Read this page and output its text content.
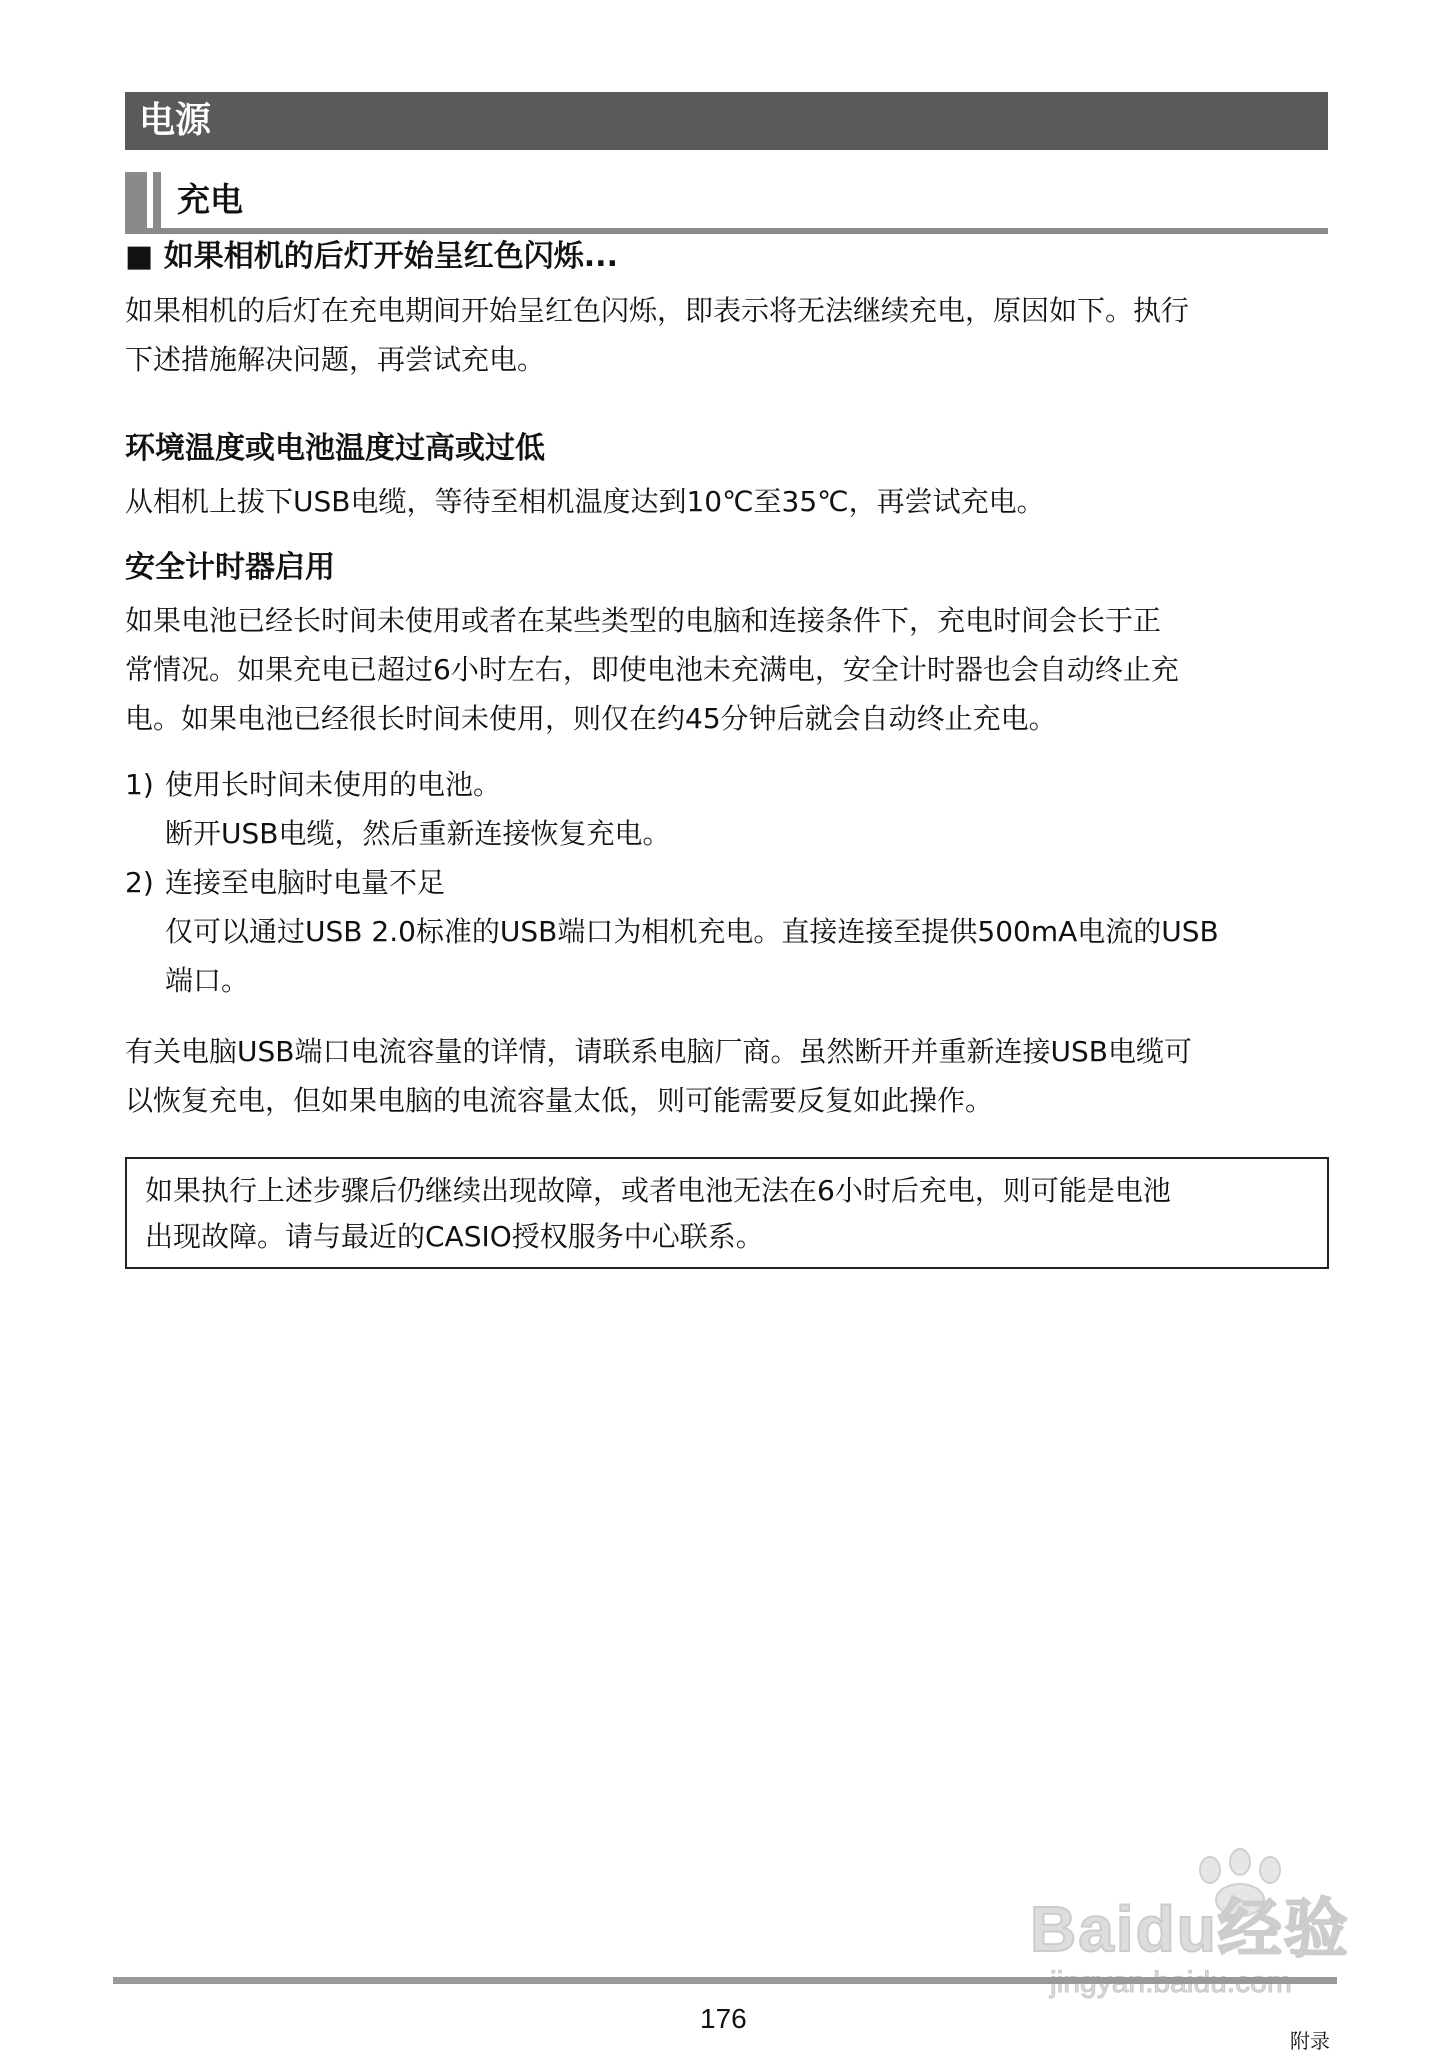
电源
充电
■ 如果相机的后灯开始呈红色闪烁...
如果相机的后灯在充电期间开始呈红色闪烁，即表示将无法继续充电，原因如下。执行
下述措施解决问题，再尝试充电。
环境温度或电池温度过高或过低
从相机上拔下USB电缆，等待至相机温度达到10℃至35℃，再尝试充电。
安全计时器启用
如果电池已经长时间未使用或者在某些类型的电脑和连接条件下，充电时间会长于正
常情况。如果充电已超过6小时左右，即使电池未充满电，安全计时器也会自动终止充
电。如果电池已经很长时间未使用，则仅在约45分钟后就会自动终止充电。
1) 使用长时间未使用的电池。
断开USB电缆，然后重新连接恢复充电。
2) 连接至电脑时电量不足
仅可以通过USB 2.0标准的USB端口为相机充电。直接连接至提供500mA电流的USB
端口。
有关电脑USB端口电流容量的详情，请联系电脑厂商。虽然断开并重新连接USB电缆可
以恢复充电，但如果电脑的电流容量太低，则可能需要反复如此操作。
如果执行上述步骤后仍继续出现故障，或者电池无法在6小时后充电，则可能是电池
出现故障。请与最近的CASIO授权服务中心联系。
Baidu经验
176
附录
